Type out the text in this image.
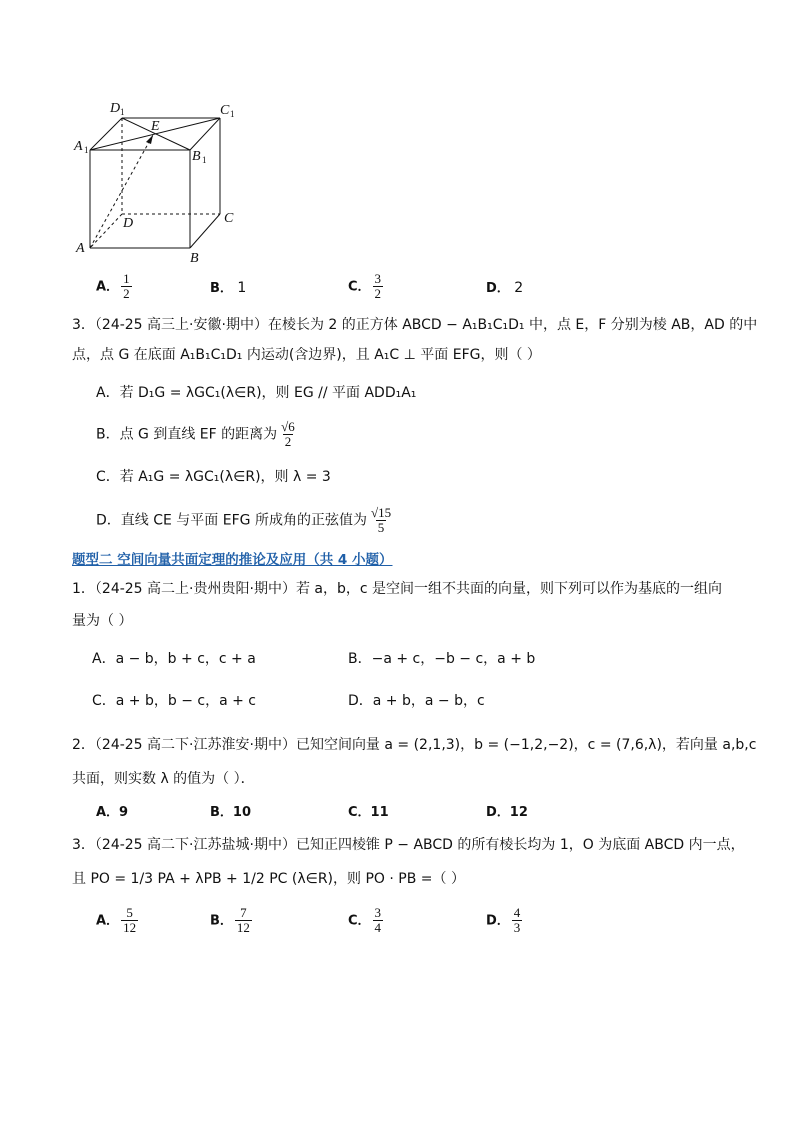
D 1	C 1
A 1	B 1
E
D	C
A
B
A． $\frac{1}{2}$	B． 1	C． $\frac{3}{2}$	D． 2
3．（24-25 高三上·安徽·期中）在棱长为 2 的正方体 ABCD − A₁B₁C₁D₁ 中，点 E，F 分别为棱 AB，AD 的中
点，点 G 在底面 A₁B₁C₁D₁ 内运动(含边界)，且 A₁C ⊥ 平面 EFG，则（ ）
A．若 D₁G = λGC₁(λ∈R)，则 EG // 平面 ADD₁A₁
B．点 G 到直线 EF 的距离为 $\frac{√6}{2}$
C．若 A₁G = λGC₁(λ∈R)，则 λ = 3
D．直线 CE 与平面 EFG 所成角的正弦值为 $\frac{√15}{5}$
题型二 空间向量共面定理的推论及应用（共 4 小题）
1．（24-25 高二上·贵州贵阳·期中）若 a，b，c 是空间一组不共面的向量，则下列可以作为基底的一组向
量为（ ）
A．a − b，b + c，c + a	B．−a + c，−b − c，a + b
C．a + b，b − c，a + c	D．a + b，a − b，c
2．（24-25 高二下·江苏淮安·期中）已知空间向量 a = (2,1,3)，b = (−1,2,−2)，c = (7,6,λ)，若向量 a,b,c
共面，则实数 λ 的值为（ ）．
A．9	B．10	C．11	D．12
3．（24-25 高二下·江苏盐城·期中）已知正四棱锥 P − ABCD 的所有棱长均为 1，O 为底面 ABCD 内一点，
且 PO = 1/3 PA + λPB + 1/2 PC (λ∈R)，则 PO · PB =（ ）
A． $\frac{5}{12}$	B． $\frac{7}{12}$	C． $\frac{3}{4}$	D． $\frac{4}{3}$
